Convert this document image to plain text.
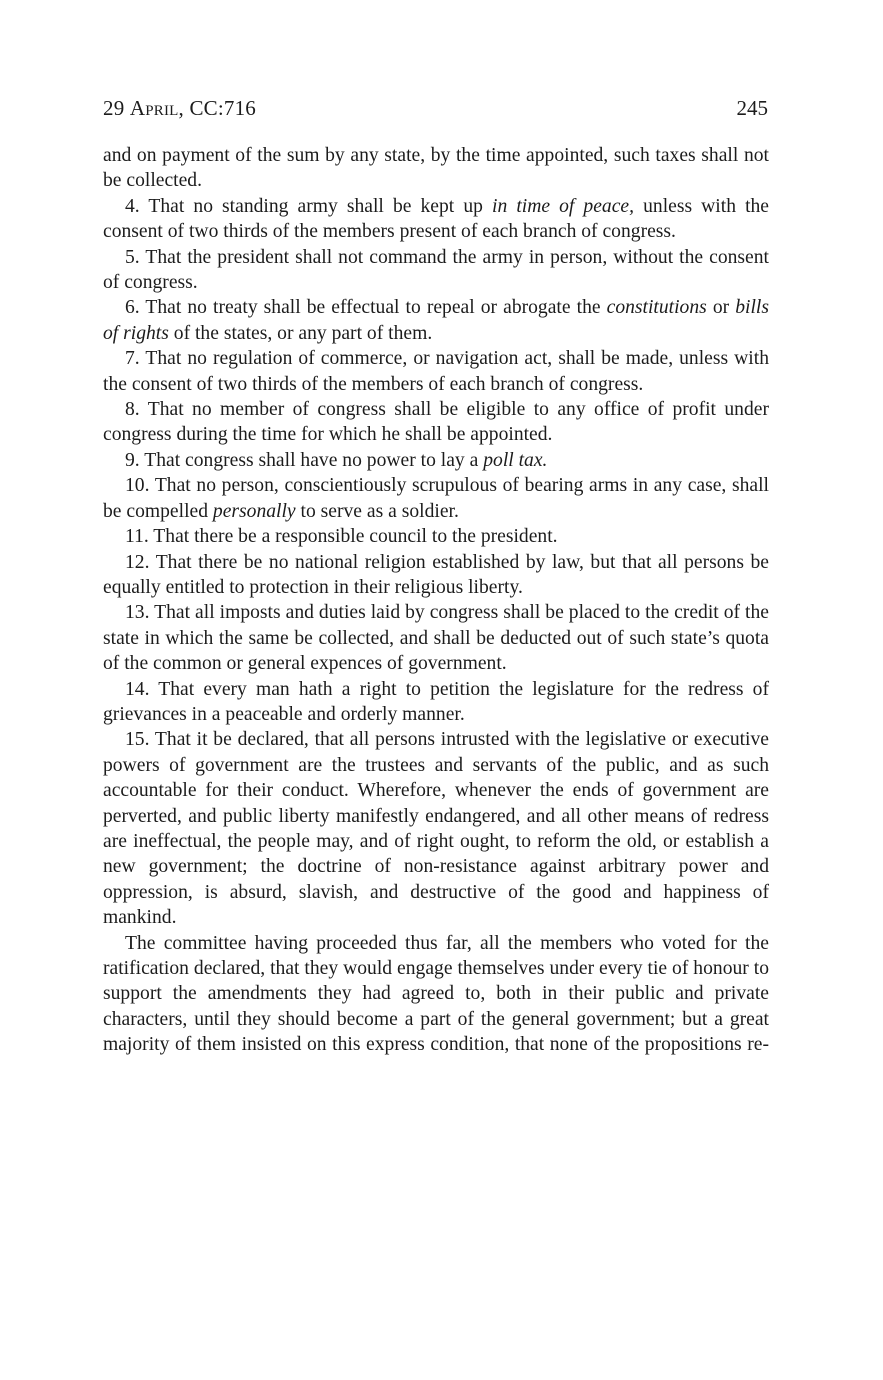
29 April, CC:716	245

and on payment of the sum by any state, by the time appointed, such taxes shall not be collected.

4. That no standing army shall be kept up in time of peace, unless with the consent of two thirds of the members present of each branch of congress.

5. That the president shall not command the army in person, without the consent of congress.

6. That no treaty shall be effectual to repeal or abrogate the constitutions or bills of rights of the states, or any part of them.

7. That no regulation of commerce, or navigation act, shall be made, unless with the consent of two thirds of the members of each branch of congress.

8. That no member of congress shall be eligible to any office of profit under congress during the time for which he shall be appointed.

9. That congress shall have no power to lay a poll tax.

10. That no person, conscientiously scrupulous of bearing arms in any case, shall be compelled personally to serve as a soldier.

11. That there be a responsible council to the president.

12. That there be no national religion established by law, but that all persons be equally entitled to protection in their religious liberty.

13. That all imposts and duties laid by congress shall be placed to the credit of the state in which the same be collected, and shall be deducted out of such state’s quota of the common or general expences of government.

14. That every man hath a right to petition the legislature for the redress of grievances in a peaceable and orderly manner.

15. That it be declared, that all persons intrusted with the legislative or executive powers of government are the trustees and servants of the public, and as such accountable for their conduct. Wherefore, whenever the ends of government are perverted, and public liberty manifestly endangered, and all other means of redress are ineffectual, the people may, and of right ought, to reform the old, or establish a new government; the doctrine of non-resistance against arbitrary power and oppression, is absurd, slavish, and destructive of the good and happiness of mankind.

The committee having proceeded thus far, all the members who voted for the ratification declared, that they would engage themselves under every tie of honour to support the amendments they had agreed to, both in their public and private characters, until they should become a part of the general government; but a great majority of them insisted on this express condition, that none of the propositions re-
